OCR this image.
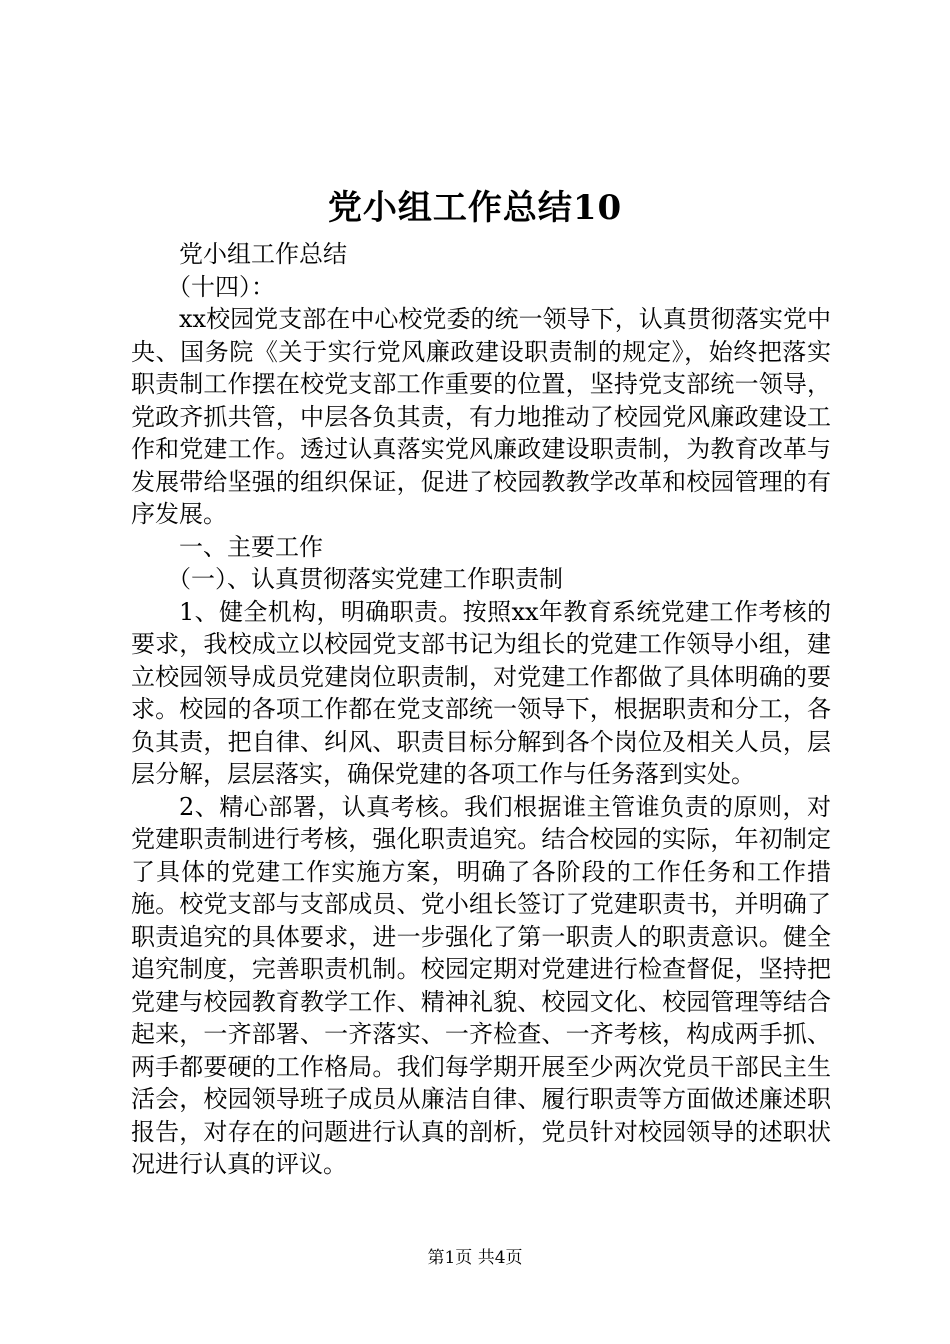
党小组工作总结10

党小组工作总结

（十四）：

xx校园党支部在中心校党委的统一领导下，认真贯彻落实党中央、国务院《关于实行党风廉政建设职责制的规定》，始终把落实职责制工作摆在校党支部工作重要的位置，坚持党支部统一领导，党政齐抓共管，中层各负其责，有力地推动了校园党风廉政建设工作和党建工作。透过认真落实党风廉政建设职责制，为教育改革与发展带给坚强的组织保证，促进了校园教教学改革和校园管理的有序发展。

一、主要工作

（一）、认真贯彻落实党建工作职责制

1、健全机构，明确职责。按照xx年教育系统党建工作考核的要求，我校成立以校园党支部书记为组长的党建工作领导小组，建立校园领导成员党建岗位职责制，对党建工作都做了具体明确的要求。校园的各项工作都在党支部统一领导下，根据职责和分工，各负其责，把自律、纠风、职责目标分解到各个岗位及相关人员，层层分解，层层落实，确保党建的各项工作与任务落到实处。

2、精心部署，认真考核。我们根据谁主管谁负责的原则，对党建职责制进行考核，强化职责追究。结合校园的实际，年初制定了具体的党建工作实施方案，明确了各阶段的工作任务和工作措施。校党支部与支部成员、党小组长签订了党建职责书，并明确了职责追究的具体要求，进一步强化了第一职责人的职责意识。健全追究制度，完善职责机制。校园定期对党建进行检查督促，坚持把党建与校园教育教学工作、精神礼貌、校园文化、校园管理等结合起来，一齐部署、一齐落实、一齐检查、一齐考核，构成两手抓、两手都要硬的工作格局。我们每学期开展至少两次党员干部民主生活会，校园领导班子成员从廉洁自律、履行职责等方面做述廉述职报告，对存在的问题进行认真的剖析，党员针对校园领导的述职状况进行认真的评议。

第1页 共4页
